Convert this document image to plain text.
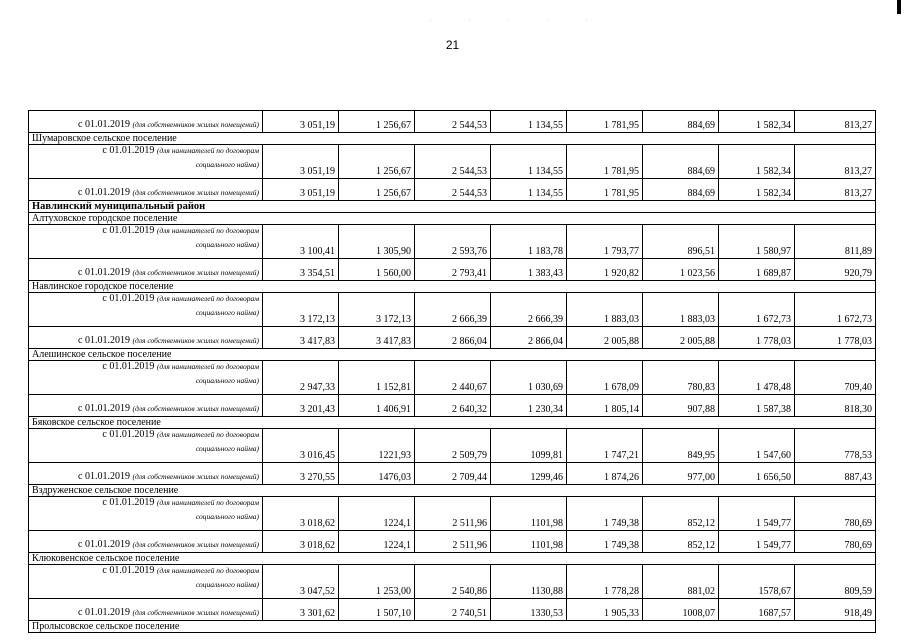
. . . . .
21
с 01.01.2019 (для собственников жилых помещений)	3 051,19	1 256,67	2 544,53	1 134,55	1 781,95	884,69	1 582,34	813,27
Шумаровское сельское поселение								
с 01.01.2019 (для нанимателей по договорам
социального найма)	3 051,19	1 256,67	2 544,53	1 134,55	1 781,95	884,69	1 582,34	813,27
с 01.01.2019 (для собственников жилых помещений)	3 051,19	1 256,67	2 544,53	1 134,55	1 781,95	884,69	1 582,34	813,27
Навлинский муниципальный район								
Алтуховское городское поселение								
с 01.01.2019 (для нанимателей по договорам
социального найма)	3 100,41	1 305,90	2 593,76	1 183,78	1 793,77	896,51	1 580,97	811,89
с 01.01.2019 (для собственников жилых помещений)	3 354,51	1 560,00	2 793,41	1 383,43	1 920,82	1 023,56	1 689,87	920,79
Навлинское городское поселение								
с 01.01.2019 (для нанимателей по договорам
социального найма)	3 172,13	3 172,13	2 666,39	2 666,39	1 883,03	1 883,03	1 672,73	1 672,73
с 01.01.2019 (для собственников жилых помещений)	3 417,83	3 417,83	2 866,04	2 866,04	2 005,88	2 005,88	1 778,03	1 778,03
Алешинское сельское поселение								
с 01.01.2019 (для нанимателей по договорам
социального найма)	2 947,33	1 152,81	2 440,67	1 030,69	1 678,09	780,83	1 478,48	709,40
с 01.01.2019 (для собственников жилых помещений)	3 201,43	1 406,91	2 640,32	1 230,34	1 805,14	907,88	1 587,38	818,30
Бяковское сельское поселение								
с 01.01.2019 (для нанимателей по договорам
социального найма)	3 016,45	1221,93	2 509,79	1099,81	1 747,21	849,95	1 547,60	778,53
с 01.01.2019 (для собственников жилых помещений)	3 270,55	1476,03	2 709,44	1299,46	1 874,26	977,00	1 656,50	887,43
Вздруженское сельское поселение								
с 01.01.2019 (для нанимателей по договорам
социального найма)	3 018,62	1224,1	2 511,96	1101,98	1 749,38	852,12	1 549,77	780,69
с 01.01.2019 (для собственников жилых помещений)	3 018,62	1224,1	2 511,96	1101,98	1 749,38	852,12	1 549,77	780,69
Клюковенское сельское поселение								
с 01.01.2019 (для нанимателей по договорам
социального найма)	3 047,52	1 253,00	2 540,86	1130,88	1 778,28	881,02	1578,67	809,59
с 01.01.2019 (для собственников жилых помещений)	3 301,62	1 507,10	2 740,51	1330,53	1 905,33	1008,07	1687,57	918,49
Пролысовское сельское поселение								
